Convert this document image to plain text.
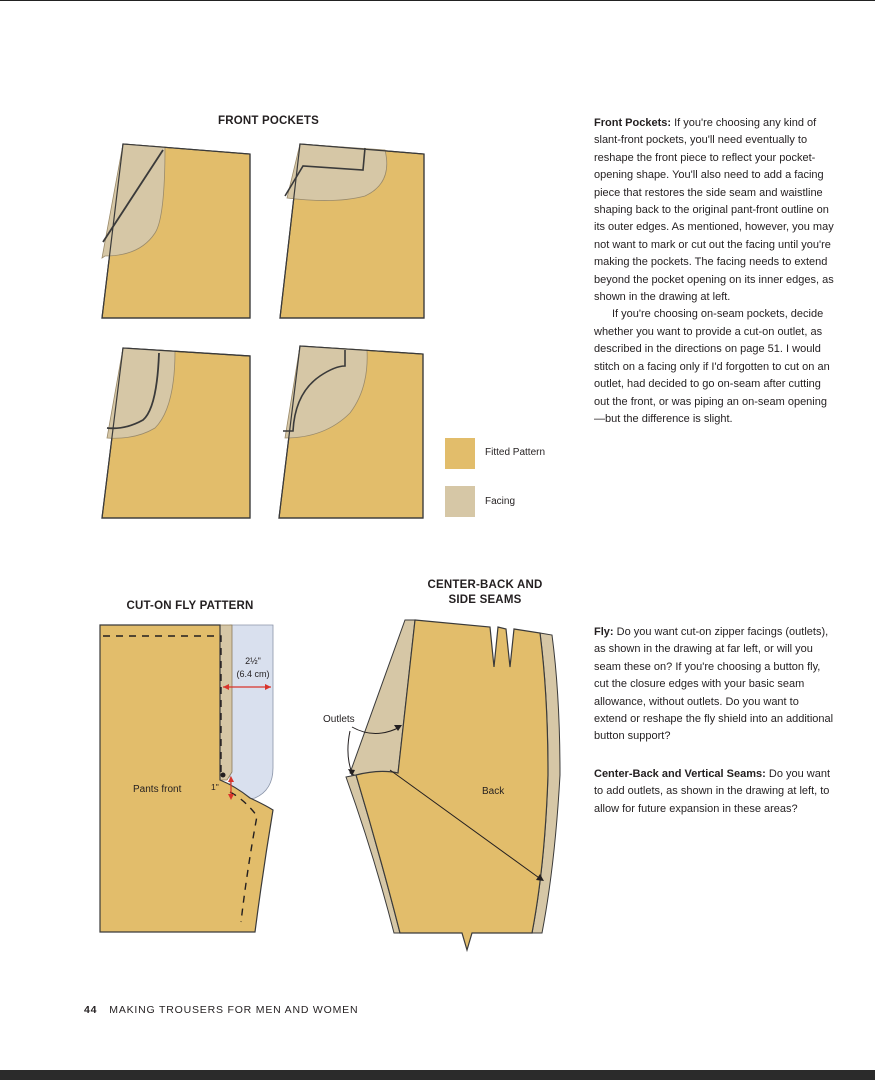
FRONT POCKETS
CUT-ON FLY PATTERN
CENTER-BACK AND
SIDE SEAMS
Fitted Pattern
Facing
2½"
(6.4 cm)
Pants front	1"
Outlets
Back

Front Pockets: If you're choosing any kind of slant-front pockets, you'll need eventually to reshape the front piece to reflect your pocket-opening shape. You'll also need to add a facing piece that restores the side seam and waistline shaping back to the original pant-front outline on its outer edges. As mentioned, however, you may not want to mark or cut out the facing until you're making the pockets. The facing needs to extend beyond the pocket opening on its inner edges, as shown in the drawing at left.

If you're choosing on-seam pockets, decide whether you want to provide a cut-on outlet, as described in the directions on page 51. I would stitch on a facing only if I'd forgotten to cut on an outlet, had decided to go on-seam after cutting out the front, or was piping an on-seam opening—but the difference is slight.

Fly: Do you want cut-on zipper facings (outlets), as shown in the drawing at far left, or will you seam these on? If you're choosing a button fly, cut the closure edges with your basic seam allowance, without outlets. Do you want to extend or reshape the fly shield into an additional button support?

Center-Back and Vertical Seams: Do you want to add outlets, as shown in the drawing at left, to allow for future expansion in these areas?

44 MAKING TROUSERS FOR MEN AND WOMEN
